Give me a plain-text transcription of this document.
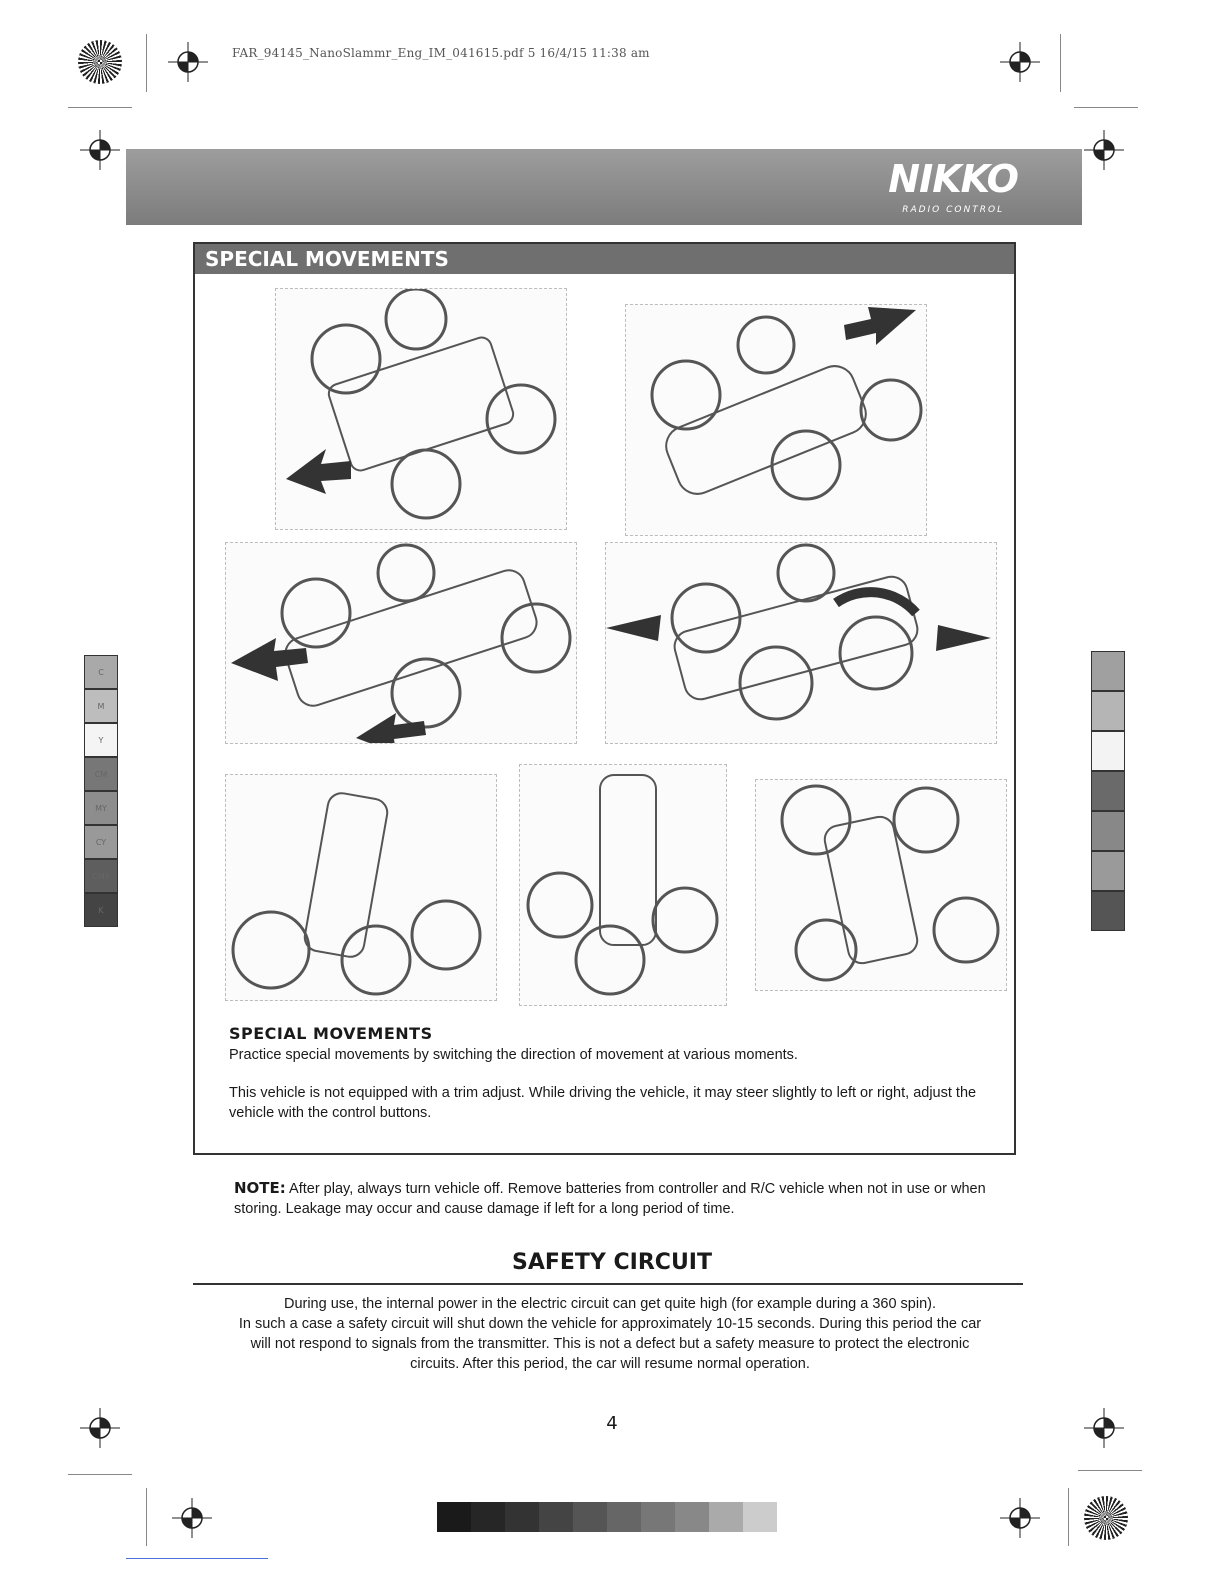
FAR_94145_NanoSlammr_Eng_IM_041615.pdf 5 16/4/15 11:38 am
NIKKO
RADIO CONTROL
SPECIAL MOVEMENTS
SPECIAL MOVEMENTS
Practice special movements by switching the direction of movement at various moments.
This vehicle is not equipped with a trim adjust. While driving the vehicle, it may steer slightly to left or right, adjust the vehicle with the control buttons.
NOTE: After play, always turn vehicle off. Remove batteries from controller and R/C vehicle when not in use or when storing. Leakage may occur and cause damage if left for a long period of time.
SAFETY CIRCUIT
During use, the internal power in the electric circuit can get quite high (for example during a 360 spin).
In such a case a safety circuit will shut down the vehicle for approximately 10-15 seconds. During this period the car
will not respond to signals from the transmitter. This is not a defect but a safety measure to protect the electronic
circuits. After this period, the car will resume normal operation.
4
C
M
Y
CM
MY
CY
CMY
K
